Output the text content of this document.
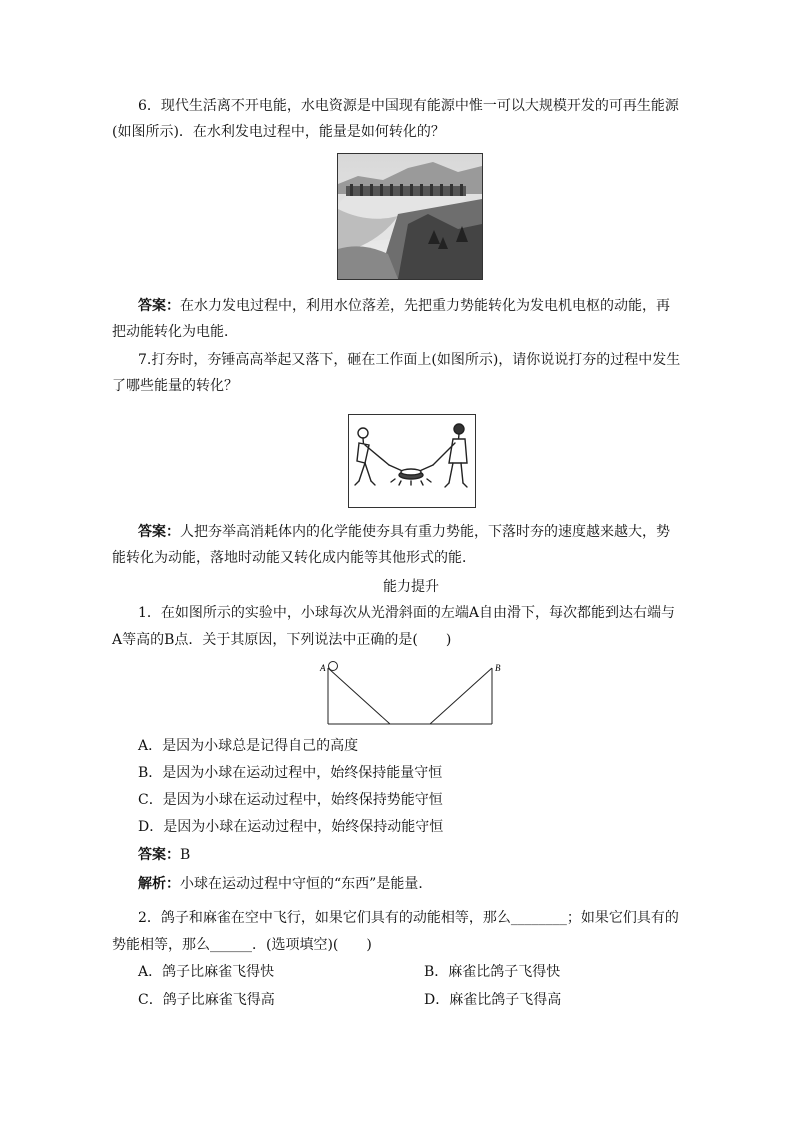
6．现代生活离不开电能，水电资源是中国现有能源中惟一可以大规模开发的可再生能源
(如图所示)．在水利发电过程中，能量是如何转化的？
答案：在水力发电过程中，利用水位落差，先把重力势能转化为发电机电枢的动能，再
把动能转化为电能．
7.打夯时，夯锤高高举起又落下，砸在工作面上(如图所示)，请你说说打夯的过程中发生
了哪些能量的转化？
答案：人把夯举高消耗体内的化学能使夯具有重力势能，下落时夯的速度越来越大，势
能转化为动能，落地时动能又转化成内能等其他形式的能．
能力提升
1．在如图所示的实验中，小球每次从光滑斜面的左端A自由滑下，每次都能到达右端与
A等高的B点．关于其原因，下列说法中正确的是(　　)
A	B
A．是因为小球总是记得自己的高度
B．是因为小球在运动过程中，始终保持能量守恒
C．是因为小球在运动过程中，始终保持势能守恒
D．是因为小球在运动过程中，始终保持动能守恒
答案：B
解析：小球在运动过程中守恒的“东西”是能量．
2．鸽子和麻雀在空中飞行，如果它们具有的动能相等，那么________；如果它们具有的
势能相等，那么______．(选项填空)(　　)
A．鸽子比麻雀飞得快	B．麻雀比鸽子飞得快
C．鸽子比麻雀飞得高	D．麻雀比鸽子飞得高
